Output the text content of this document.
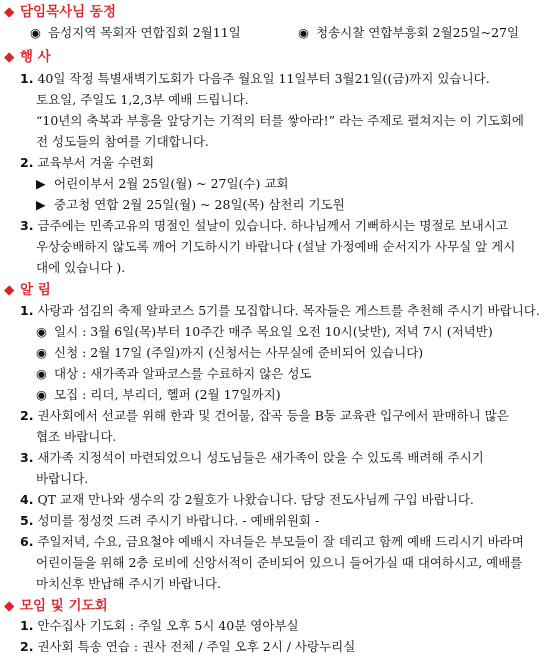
◆ 담임목사님 동정
◉ 음성지역 목회자 연합집회 2월11일	◉ 청송시찰 연합부흥회 2월25일~27일
◆ 행 사
1. 40일 작정 특별새벽기도회가 다음주 월요일 11일부터 3월21일((금)까지 있습니다.
토요일, 주일도 1,2,3부 예배 드립니다.
“10년의 축복과 부흥을 앞당기는 기적의 터를 쌓아라!” 라는 주제로 펼쳐지는 이 기도회에
전 성도들의 참여를 기대합니다.
2. 교육부서 겨울 수련회
▶ 어린이부서 2월 25일(월) ~ 27일(수) 교회
▶ 중고청 연합 2월 25일(월) ~ 28일(목) 삼천리 기도원
3. 금주에는 민족고유의 명절인 설날이 있습니다. 하나님께서 기뻐하시는 명절로 보내시고
우상숭배하지 않도록 깨어 기도하시기 바랍니다 (설날 가정예배 순서지가 사무실 앞 게시
대에 있습니다 ).
◆ 알 림
1. 사랑과 섬김의 축제 알파코스 5기를 모집합니다. 목자들은 게스트를 추천해 주시기 바랍니다.
◉ 일시 : 3월 6일(목)부터 10주간 매주 목요일 오전 10시(낮반), 저녁 7시 (저녁반)
◉ 신청 : 2월 17일 (주일)까지 (신청서는 사무실에 준비되어 있습니다)
◉ 대상 : 새가족과 알파코스를 수료하지 않은 성도
◉ 모집 : 리더, 부리더, 헬퍼 (2월 17일까지)
2. 권사회에서 선교를 위해 한과 및 건어물, 잡곡 등을 B동 교육관 입구에서 판매하니 많은
협조 바랍니다.
3. 새가족 지정석이 마련되었으니 성도님들은 새가족이 앉을 수 있도록 배려해 주시기
바랍니다.
4. QT 교재 만나와 생수의 강 2월호가 나왔습니다. 담당 전도사님께 구입 바랍니다.
5. 성미를 정성껏 드려 주시기 바랍니다. - 예배위원회 -
6. 주일저녁, 수요, 금요철야 예배시 자녀들은 부모들이 잘 데리고 함께 예배 드리시기 바라며
어린이들을 위해 2층 로비에 신앙서적이 준비되어 있으니 들어가실 때 대여하시고, 예배를
마치신후 반납해 주시기 바랍니다.
◆ 모임 및 기도회
1. 안수집사 기도회 : 주일 오후 5시 40분 영아부실
2. 권사회 특송 연습 : 권사 전체 / 주일 오후 2시 / 사랑누리실
